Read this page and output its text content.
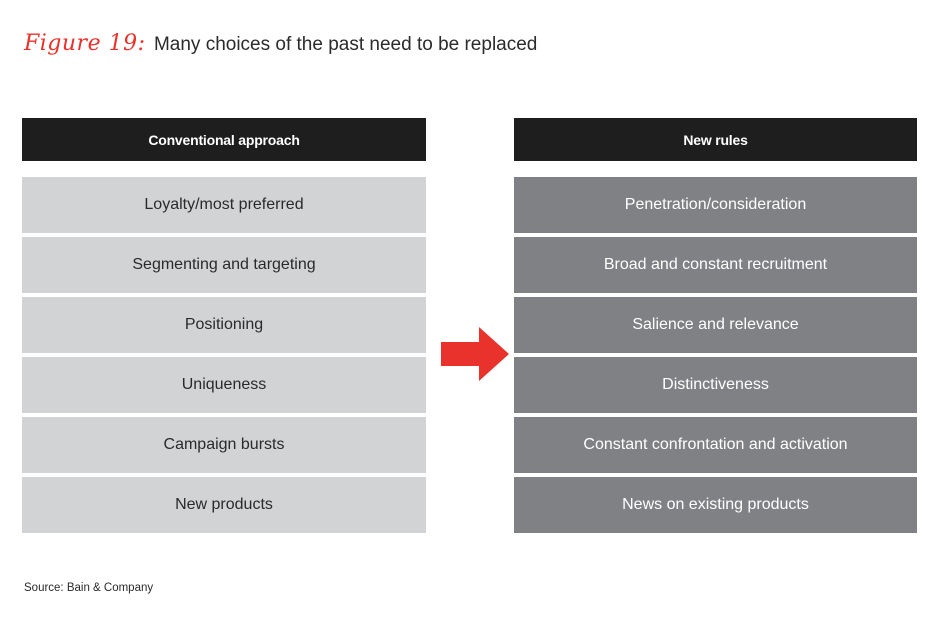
Figure 19: Many choices of the past need to be replaced
Conventional approach
Loyalty/most preferred
Segmenting and targeting
Positioning
Uniqueness
Campaign bursts
New products
New rules
Penetration/consideration
Broad and constant recruitment
Salience and relevance
Distinctiveness
Constant confrontation and activation
News on existing products
Source: Bain & Company
